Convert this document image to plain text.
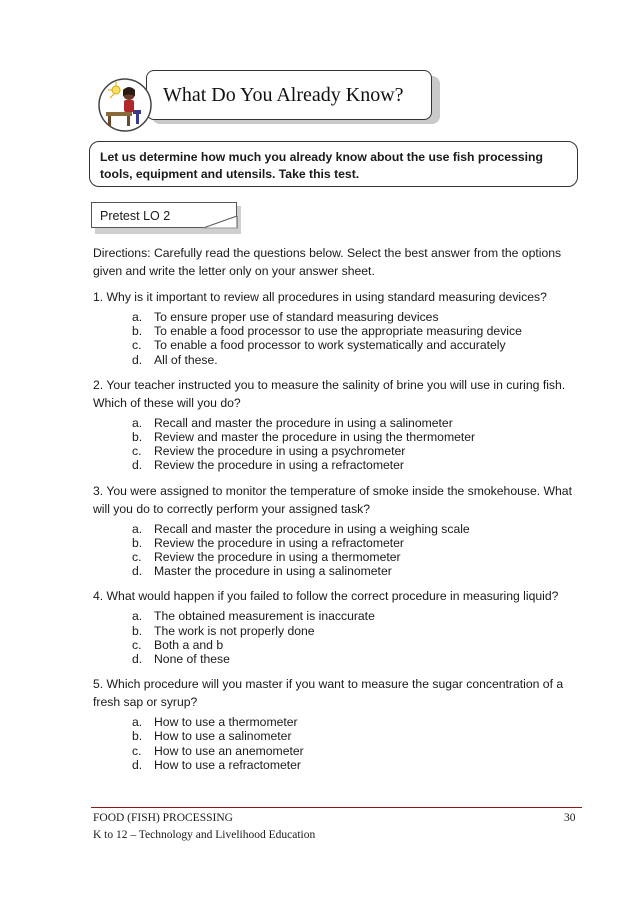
What Do You Already Know?
Let us determine how much you already know about the use fish processing tools, equipment and utensils. Take this test.
Pretest LO 2

Directions: Carefully read the questions below. Select the best answer from the options given and write the letter only on your answer sheet.

1. Why is it important to review all procedures in using standard measuring devices?

a. To ensure proper use of standard measuring devices
b. To enable a food processor to use the appropriate measuring device
c.	To enable a food processor to work systematically and accurately
d. All of these.

2. Your teacher instructed you to measure the salinity of brine you will use in curing fish. Which of these will you do?

a. Recall and master the procedure in using a salinometer
b. Review and master the procedure in using the thermometer
c.	Review the procedure in using a psychrometer
d. Review the procedure in using a refractometer

3. You were assigned to monitor the temperature of smoke inside the smokehouse. What will you do to correctly perform your assigned task?

a. Recall and master the procedure in using a weighing scale
b. Review the procedure in using a refractometer
c.	Review the procedure in using a thermometer
d. Master the procedure in using a salinometer

4. What would happen if you failed to follow the correct procedure in measuring liquid?

a. The obtained measurement is inaccurate
b. The work is not properly done
c.	Both a and b
d. None of these

5. Which procedure will you master if you want to measure the sugar concentration of a fresh sap or syrup?

a. How to use a thermometer
b. How to use a salinometer
c.	How to use an anemometer
d. How to use a refractometer
FOOD (FISH) PROCESSING	30
K to 12 – Technology and Livelihood Education
